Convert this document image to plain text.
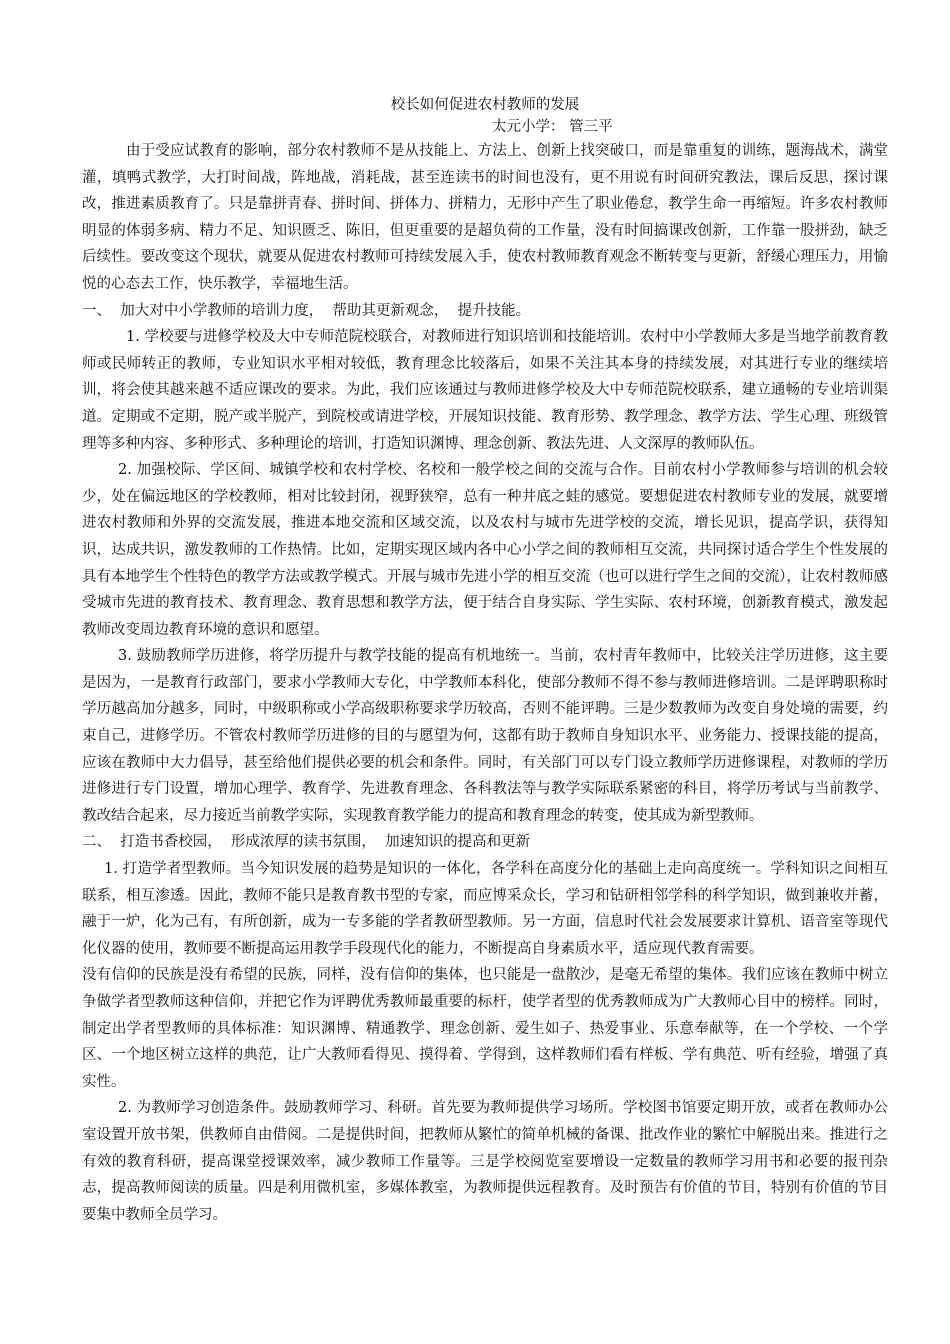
校长如何促进农村教师的发展

太元小学： 管三平

由于受应试教育的影响，部分农村教师不是从技能上、方法上、创新上找突破口，而是靠重复的训练，题海战术，满堂灌，填鸭式教学，大打时间战，阵地战，消耗战，甚至连读书的时间也没有，更不用说有时间研究教法，课后反思，探讨课改，推进素质教育了。只是靠拼青春、拼时间、拼体力、拼精力，无形中产生了职业倦怠，教学生命一再缩短。许多农村教师明显的体弱多病、精力不足、知识匮乏、陈旧，但更重要的是超负荷的工作量，没有时间搞课改创新，工作靠一股拼劲，缺乏后续性。要改变这个现状，就要从促进农村教师可持续发展入手，使农村教师教育观念不断转变与更新，舒缓心理压力，用愉悦的心态去工作，快乐教学，幸福地生活。

一、  加大对中小学教师的培训力度，  帮助其更新观念，  提升技能。

1. 学校要与进修学校及大中专师范院校联合，对教师进行知识培训和技能培训。农村中小学教师大多是当地学前教育教师或民师转正的教师，专业知识水平相对较低，教育理念比较落后，如果不关注其本身的持续发展，对其进行专业的继续培训，将会使其越来越不适应课改的要求。为此，我们应该通过与教师进修学校及大中专师范院校联系，建立通畅的专业培训渠道。定期或不定期，脱产或半脱产，到院校或请进学校，开展知识技能、教育形势、教学理念、教学方法、学生心理、班级管理等多种内容、多种形式、多种理论的培训，打造知识渊博、理念创新、教法先进、人文深厚的教师队伍。

2. 加强校际、学区间、城镇学校和农村学校、名校和一般学校之间的交流与合作。目前农村小学教师参与培训的机会较少，处在偏远地区的学校教师，相对比较封闭，视野狭窄，总有一种井底之蛙的感觉。要想促进农村教师专业的发展，就要增进农村教师和外界的交流发展，推进本地交流和区域交流，以及农村与城市先进学校的交流，增长见识，提高学识，获得知识，达成共识，激发教师的工作热情。比如，定期实现区域内各中心小学之间的教师相互交流，共同探讨适合学生个性发展的具有本地学生个性特色的教学方法或教学模式。开展与城市先进小学的相互交流（也可以进行学生之间的交流），让农村教师感受城市先进的教育技术、教育理念、教育思想和教学方法，便于结合自身实际、学生实际、农村环境，创新教育模式，激发起教师改变周边教育环境的意识和愿望。

3. 鼓励教师学历进修，将学历提升与教学技能的提高有机地统一。当前，农村青年教师中，比较关注学历进修，这主要是因为，一是教育行政部门，要求小学教师大专化，中学教师本科化，使部分教师不得不参与教师进修培训。二是评聘职称时学历越高加分越多，同时，中级职称或小学高级职称要求学历较高，否则不能评聘。三是少数教师为改变自身处境的需要，约束自己，进修学历。不管农村教师学历进修的目的与愿望为何，这都有助于教师自身知识水平、业务能力、授课技能的提高，应该在教师中大力倡导，甚至给他们提供必要的机会和条件。同时，有关部门可以专门设立教师学历进修课程，对教师的学历进修进行专门设置，增加心理学、教育学、先进教育理念、各科教法等与教学实际联系紧密的科目，将学历考试与当前教学、教改结合起来，尽力接近当前教学实际，实现教育教学能力的提高和教育理念的转变，使其成为新型教师。

二、  打造书香校园，  形成浓厚的读书氛围，  加速知识的提高和更新

1. 打造学者型教师。当今知识发展的趋势是知识的一体化，各学科在高度分化的基础上走向高度统一。学科知识之间相互联系，相互渗透。因此，教师不能只是教育教书型的专家，而应博采众长，学习和钻研相邻学科的科学知识，做到兼收并蓄，融于一炉，化为己有，有所创新，成为一专多能的学者教研型教师。另一方面，信息时代社会发展要求计算机、语音室等现代化仪器的使用，教师要不断提高运用教学手段现代化的能力，不断提高自身素质水平，适应现代教育需要。

没有信仰的民族是没有希望的民族，同样，没有信仰的集体，也只能是一盘散沙，是毫无希望的集体。我们应该在教师中树立争做学者型教师这种信仰，并把它作为评聘优秀教师最重要的标杆，使学者型的优秀教师成为广大教师心目中的榜样。同时，制定出学者型教师的具体标准：知识渊博、精通教学、理念创新、爱生如子、热爱事业、乐意奉献等，在一个学校、一个学区、一个地区树立这样的典范，让广大教师看得见、摸得着、学得到，这样教师们看有样板、学有典范、听有经验，增强了真实性。

2. 为教师学习创造条件。鼓励教师学习、科研。首先要为教师提供学习场所。学校图书馆要定期开放，或者在教师办公室设置开放书架，供教师自由借阅。二是提供时间，把教师从繁忙的简单机械的备课、批改作业的繁忙中解脱出来。推进行之有效的教育科研，提高课堂授课效率，减少教师工作量等。三是学校阅览室要增设一定数量的教师学习用书和必要的报刊杂志，提高教师阅读的质量。四是利用微机室，多媒体教室，为教师提供远程教育。及时预告有价值的节目，特别有价值的节目要集中教师全员学习。
